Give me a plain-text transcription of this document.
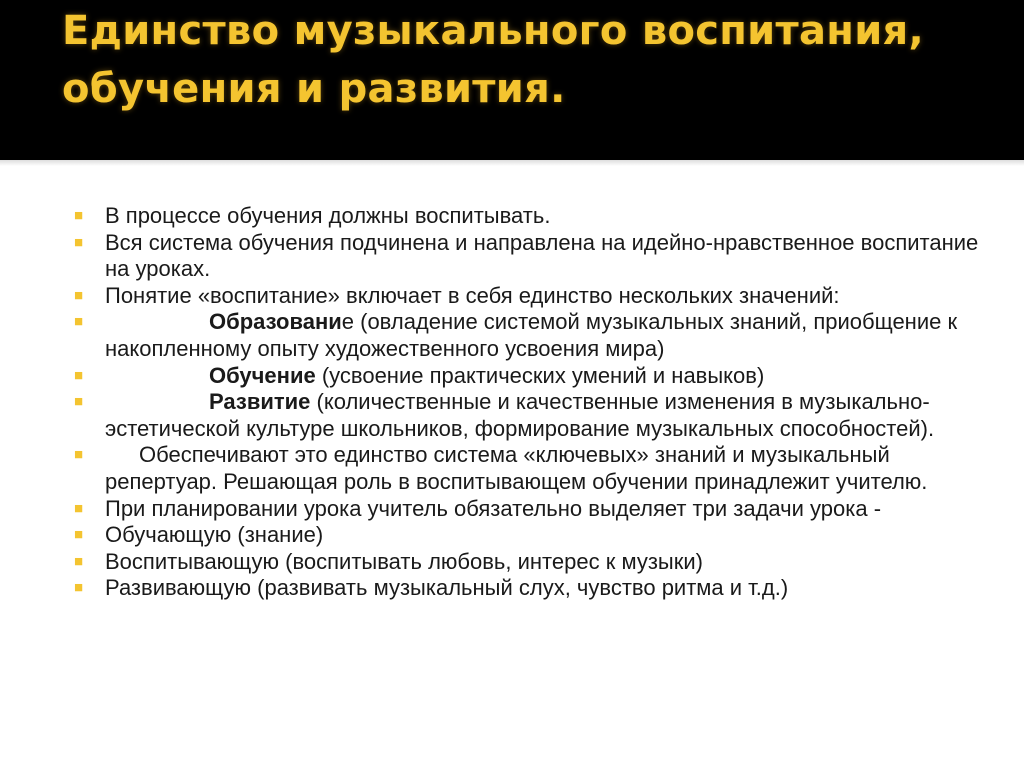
Единство музыкального воспитания, обучения и развития.
■ В процессе обучения должны воспитывать.
■ Вся система обучения подчинена и направлена на идейно-нравственное воспитание на уроках.
■ Понятие «воспитание» включает в себя единство нескольких значений:
■	Образование (овладение системой музыкальных знаний, приобщение к накопленному опыту художественного усвоения мира)
■	Обучение (усвоение практических умений и навыков)
■	Развитие (количественные и качественные изменения в музыкально-эстетической культуре школьников, формирование музыкальных способностей).
■	Обеспечивают это единство система «ключевых» знаний и музыкальный репертуар. Решающая роль в воспитывающем обучении принадлежит учителю.
■ При планировании урока учитель обязательно выделяет три задачи урока -
■ Обучающую (знание)
■ Воспитывающую (воспитывать любовь, интерес к музыки)
■ Развивающую (развивать музыкальный слух, чувство ритма и т.д.)
